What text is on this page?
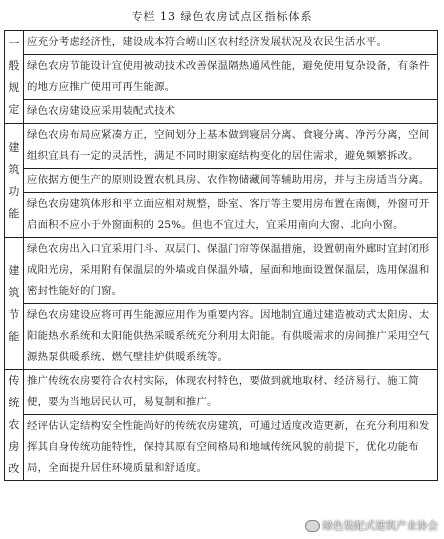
专栏 13 绿色农房试点区指标体系
一
般
规
定	应充分考虑经济性，建设成本符合崂山区农村经济发展状况及农民生活水平。
	绿色农房节能设计宜使用被动技术改善保温隔热通风性能，避免使用复杂设备，有条件的地方应推广使用可再生能源。
	绿色农房建设应采用装配式技术

建
筑
功
能	绿色农房布局应紧凑方正，空间划分上基本做到寝居分离、食寝分离、净污分离，空间组织宜具有一定的灵活性，满足不同时期家庭结构变化的居住需求，避免频繁拆改。
	应依据方便生产的原则设置农机具房、农作物储藏间等辅助用房，并与主房适当分离。
	绿色农房建筑体形和平立面应相对规整，卧室、客厅等主要用房布置在南侧，外窗可开启面积不应小于外窗面积的 25%。但也不宜过大，宜采用南向大窗、北向小窗。

建
筑
节
能	绿色农房出入口宜采用门斗、双层门、保温门帘等保温措施，设置朝南外廊时宜封闭形成阳光房，采用附有保温层的外墙或自保温外墙，屋面和地面设置保温层，选用保温和密封性能好的门窗。
	绿色农房建设应将可再生能源应用作为重要内容。因地制宜通过建造被动式太阳房、太阳能热水系统和太阳能供热采暖系统充分利用太阳能。有供暖需求的房间推广采用空气源热泵供暖系统、燃气壁挂炉供暖系统等。

传
统
农
房
改	推广传统农房要符合农村实际，体现农村特色，要做到就地取材、经济易行、施工简便，要为当地居民认可，易复制和推广。
	经评估认定结构安全性能尚好的传统农房建筑，可通过适度改造更新，在充分利用和发挥其自身传统功能特性，保持其原有空间格局和地域传统风貌的前提下，优化功能布局，全面提升居住环境质量和舒适度。
绿色装配式建筑产业协会
